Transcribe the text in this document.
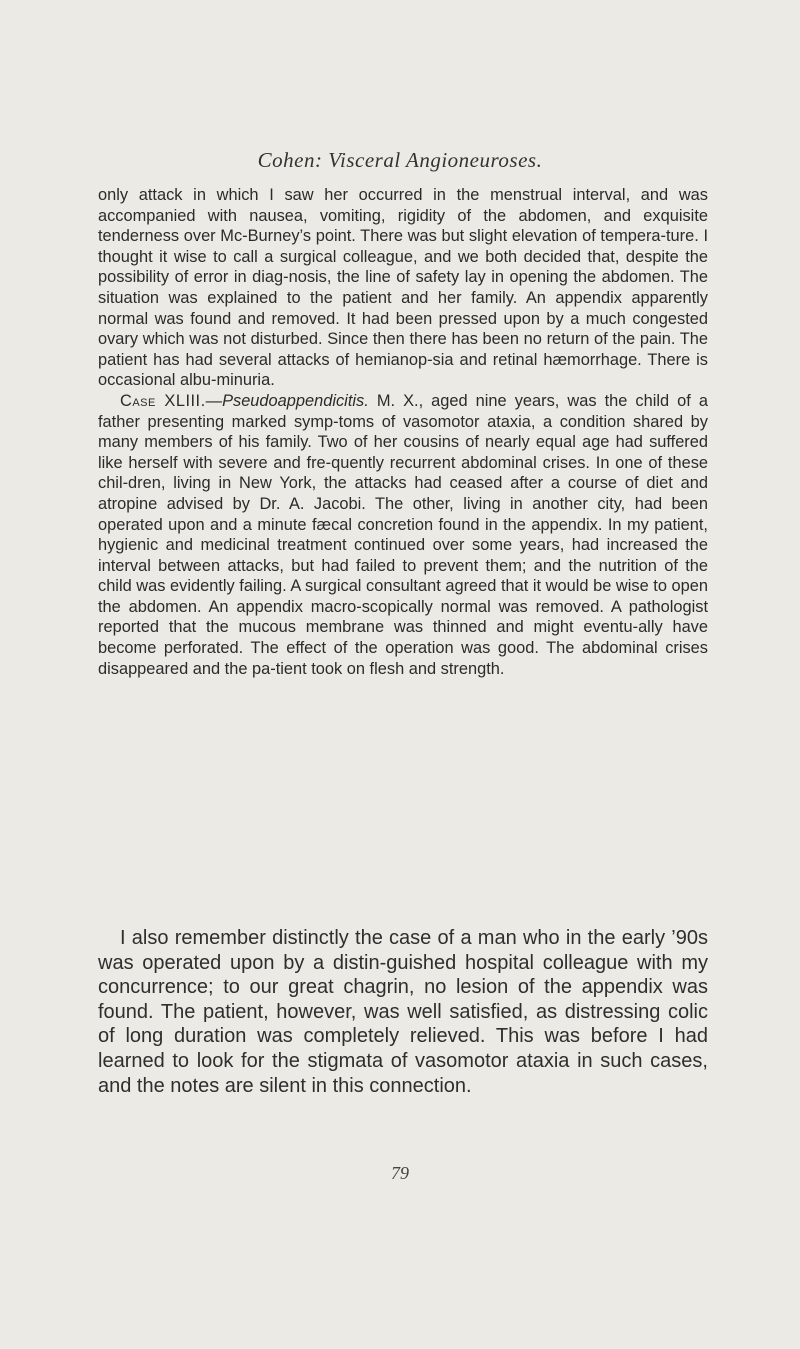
Cohen: Visceral Angioneuroses.

only attack in which I saw her occurred in the menstrual interval, and was accompanied with nausea, vomiting, rigidity of the abdomen, and exquisite tenderness over Mc-Burney’s point. There was but slight elevation of tempera-ture. I thought it wise to call a surgical colleague, and we both decided that, despite the possibility of error in diag-nosis, the line of safety lay in opening the abdomen. The situation was explained to the patient and her family. An appendix apparently normal was found and removed. It had been pressed upon by a much congested ovary which was not disturbed. Since then there has been no return of the pain. The patient has had several attacks of hemianop-sia and retinal hæmorrhage. There is occasional albu-minuria.

Case XLIII.—Pseudoappendicitis. M. X., aged nine years, was the child of a father presenting marked symp-toms of vasomotor ataxia, a condition shared by many members of his family. Two of her cousins of nearly equal age had suffered like herself with severe and fre-quently recurrent abdominal crises. In one of these chil-dren, living in New York, the attacks had ceased after a course of diet and atropine advised by Dr. A. Jacobi. The other, living in another city, had been operated upon and a minute fæcal concretion found in the appendix. In my patient, hygienic and medicinal treatment continued over some years, had increased the interval between attacks, but had failed to prevent them; and the nutrition of the child was evidently failing. A surgical consultant agreed that it would be wise to open the abdomen. An appendix macro-scopically normal was removed. A pathologist reported that the mucous membrane was thinned and might eventu-ally have become perforated. The effect of the operation was good. The abdominal crises disappeared and the pa-tient took on flesh and strength.

I also remember distinctly the case of a man who in the early ’90s was operated upon by a distin-guished hospital colleague with my concurrence; to our great chagrin, no lesion of the appendix was found. The patient, however, was well satisfied, as distressing colic of long duration was completely relieved. This was before I had learned to look for the stigmata of vasomotor ataxia in such cases, and the notes are silent in this connection.

79
